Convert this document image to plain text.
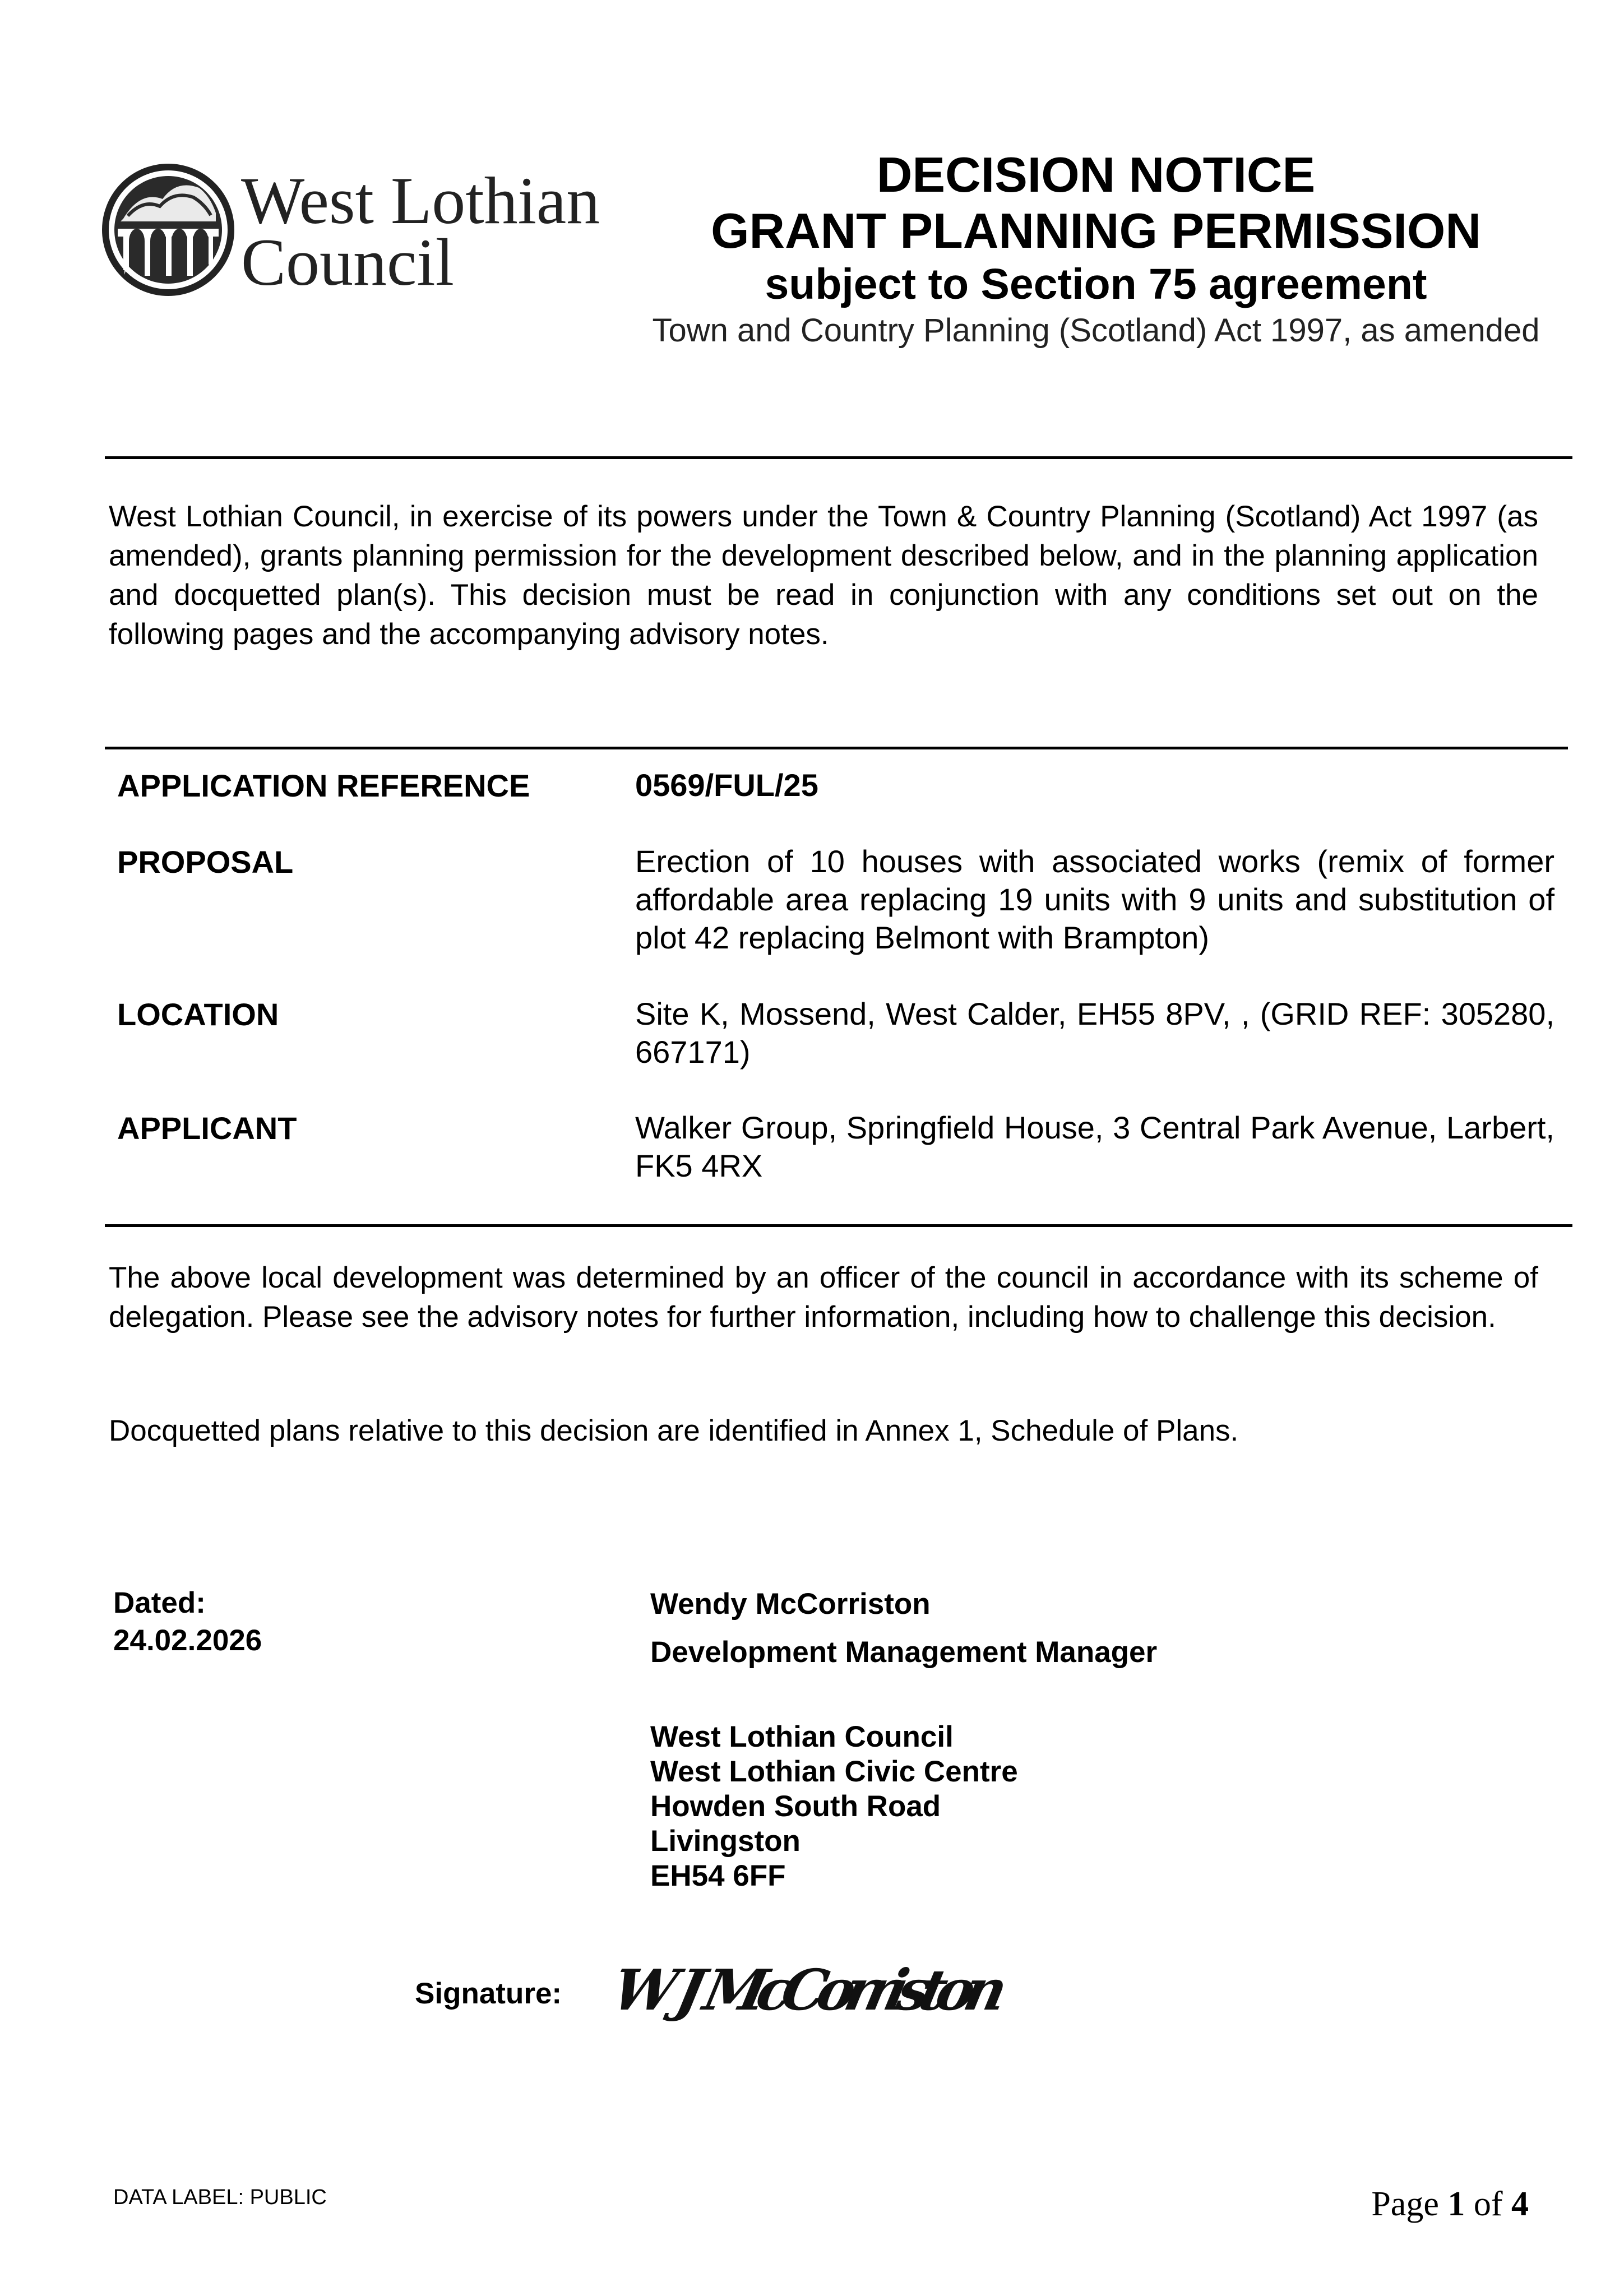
West Lothian
Council
DECISION NOTICE
GRANT PLANNING PERMISSION
subject to Section 75 agreement
Town and Country Planning (Scotland) Act 1997, as amended
West Lothian Council, in exercise of its powers under the Town & Country Planning (Scotland) Act 1997 (as amended), grants planning permission for the development described below, and in the planning application and docquetted plan(s). This decision must be read in conjunction with any conditions set out on the following pages and the accompanying advisory notes.
APPLICATION REFERENCE	0569/FUL/25
PROPOSAL	Erection of 10 houses with associated works (remix of former affordable area replacing 19 units with 9 units and substitution of plot 42 replacing Belmont with Brampton)
LOCATION	Site K, Mossend, West Calder, EH55 8PV, , (GRID REF: 305280, 667171)
APPLICANT	Walker Group, Springfield House, 3 Central Park Avenue, Larbert, FK5 4RX
The above local development was determined by an officer of the council in accordance with its scheme of delegation. Please see the advisory notes for further information, including how to challenge this decision.
Docquetted plans relative to this decision are identified in Annex 1, Schedule of Plans.
Dated:
24.02.2026
Wendy McCorriston
Development Management Manager
West Lothian Council
West Lothian Civic Centre
Howden South Road
Livingston
EH54 6FF
Signature: W J McCorriston
DATA LABEL: PUBLIC	Page 1 of 4
